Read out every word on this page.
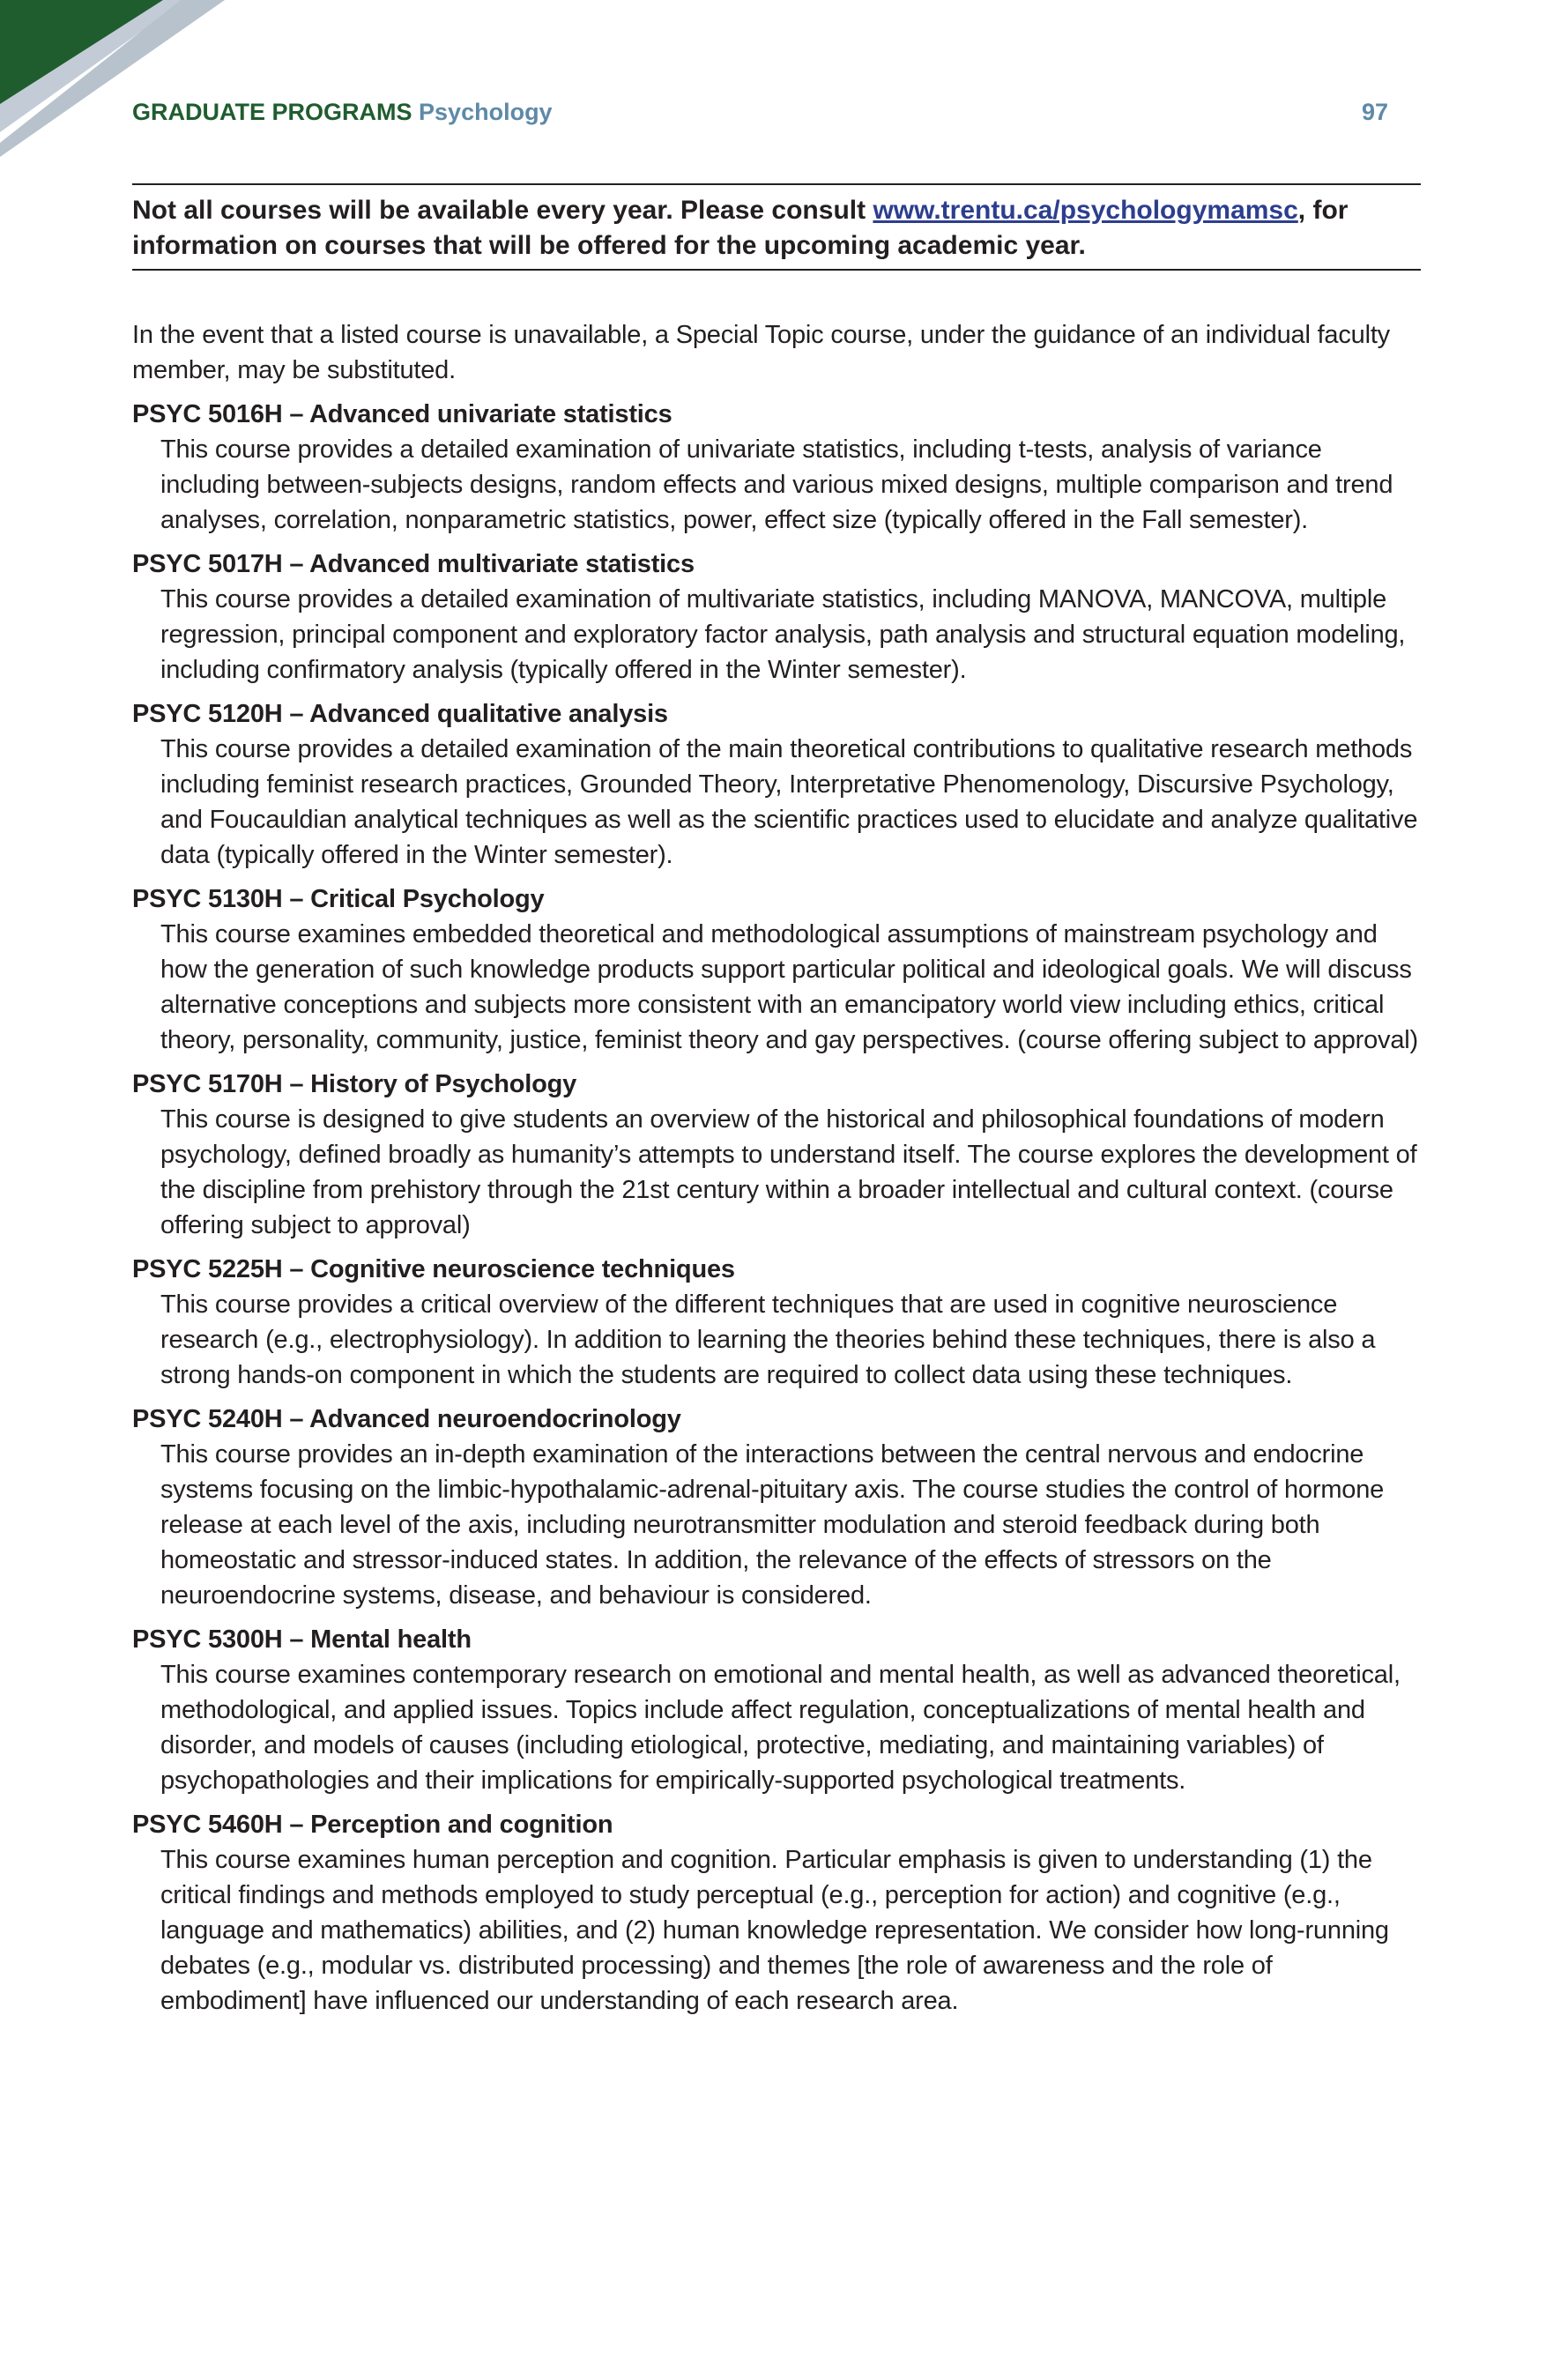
GRADUATE PROGRAMS Psychology	97
Not all courses will be available every year. Please consult www.trentu.ca/psychologymamsc, for information on courses that will be offered for the upcoming academic year.

In the event that a listed course is unavailable, a Special Topic course, under the guidance of an individual faculty member, may be substituted.

PSYC 5016H – Advanced univariate statistics

This course provides a detailed examination of univariate statistics, including t-tests, analysis of variance including between-subjects designs, random effects and various mixed designs, multiple comparison and trend analyses, correlation, nonparametric statistics, power, effect size (typically offered in the Fall semester).

PSYC 5017H – Advanced multivariate statistics

This course provides a detailed examination of multivariate statistics, including MANOVA, MANCOVA, multiple regression, principal component and exploratory factor analysis, path analysis and structural equation modeling, including confirmatory analysis (typically offered in the Winter semester).

PSYC 5120H – Advanced qualitative analysis

This course provides a detailed examination of the main theoretical contributions to qualitative research methods including feminist research practices, Grounded Theory, Interpretative Phenomenology, Discursive Psychology, and Foucauldian analytical techniques as well as the scientific practices used to elucidate and analyze qualitative data (typically offered in the Winter semester).

PSYC 5130H – Critical Psychology

This course examines embedded theoretical and methodological assumptions of mainstream psychology and how the generation of such knowledge products support particular political and ideological goals. We will discuss alternative conceptions and subjects more consistent with an emancipatory world view including ethics, critical theory, personality, community, justice, feminist theory and gay perspectives. (course offering subject to approval)

PSYC 5170H – History of Psychology

This course is designed to give students an overview of the historical and philosophical foundations of modern psychology, defined broadly as humanity’s attempts to understand itself. The course explores the development of the discipline from prehistory through the 21st century within a broader intellectual and cultural context. (course offering subject to approval)

PSYC 5225H – Cognitive neuroscience techniques

This course provides a critical overview of the different techniques that are used in cognitive neuroscience research (e.g., electrophysiology). In addition to learning the theories behind these techniques, there is also a strong hands-on component in which the students are required to collect data using these techniques.

PSYC 5240H – Advanced neuroendocrinology

This course provides an in-depth examination of the interactions between the central nervous and endocrine systems focusing on the limbic-hypothalamic-adrenal-pituitary axis. The course studies the control of hormone release at each level of the axis, including neurotransmitter modulation and steroid feedback during both homeostatic and stressor-induced states. In addition, the relevance of the effects of stressors on the neuroendocrine systems, disease, and behaviour is considered.

PSYC 5300H – Mental health

This course examines contemporary research on emotional and mental health, as well as advanced theoretical, methodological, and applied issues. Topics include affect regulation, conceptualizations of mental health and disorder, and models of causes (including etiological, protective, mediating, and maintaining variables) of psychopathologies and their implications for empirically-supported psychological treatments.

PSYC 5460H – Perception and cognition

This course examines human perception and cognition. Particular emphasis is given to understanding (1) the critical findings and methods employed to study perceptual (e.g., perception for action) and cognitive (e.g., language and mathematics) abilities, and (2) human knowledge representation. We consider how long-running debates (e.g., modular vs. distributed processing) and themes [the role of awareness and the role of embodiment] have influenced our understanding of each research area.
